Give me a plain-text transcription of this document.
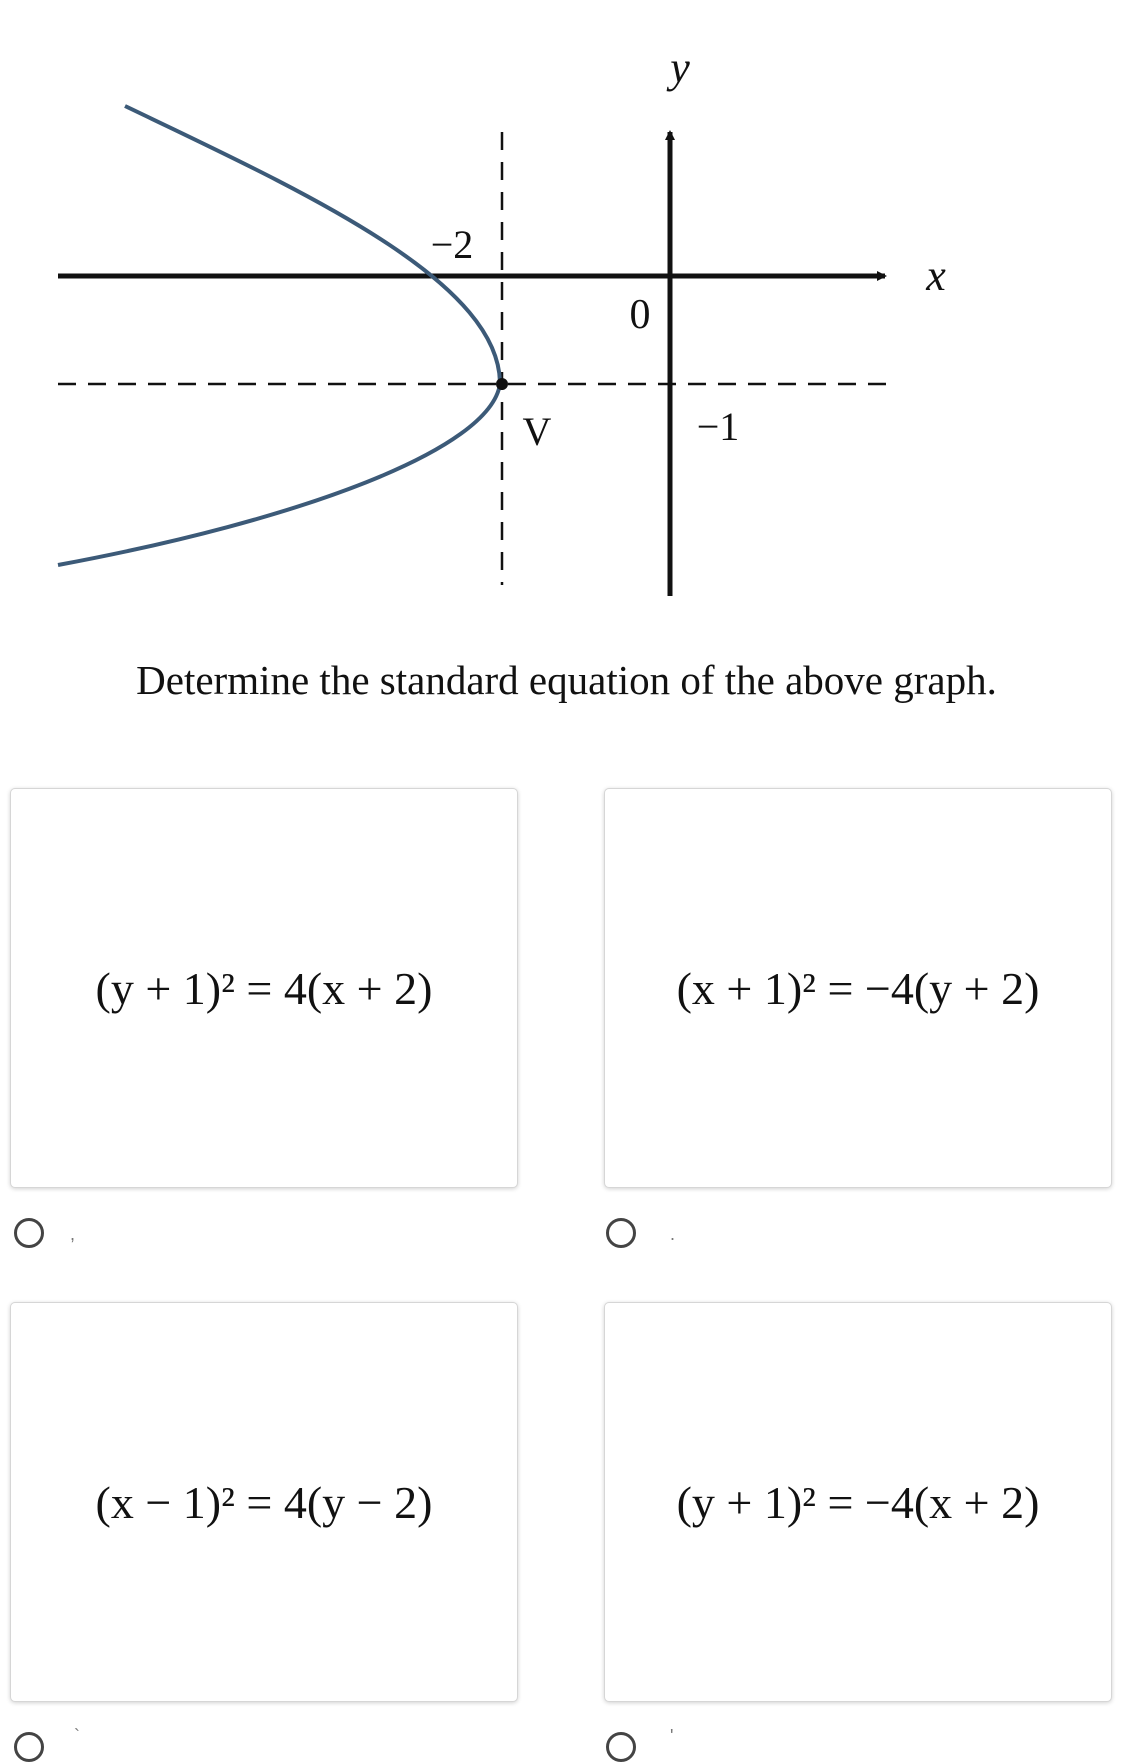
y
x
0
−2
−1
V
Determine the standard equation of the above graph.
(y + 1)² = 4(x + 2)	(x + 1)² = −4(y + 2)
(x − 1)² = 4(y − 2)	(y + 1)² = −4(x + 2)
,	.
`	'
